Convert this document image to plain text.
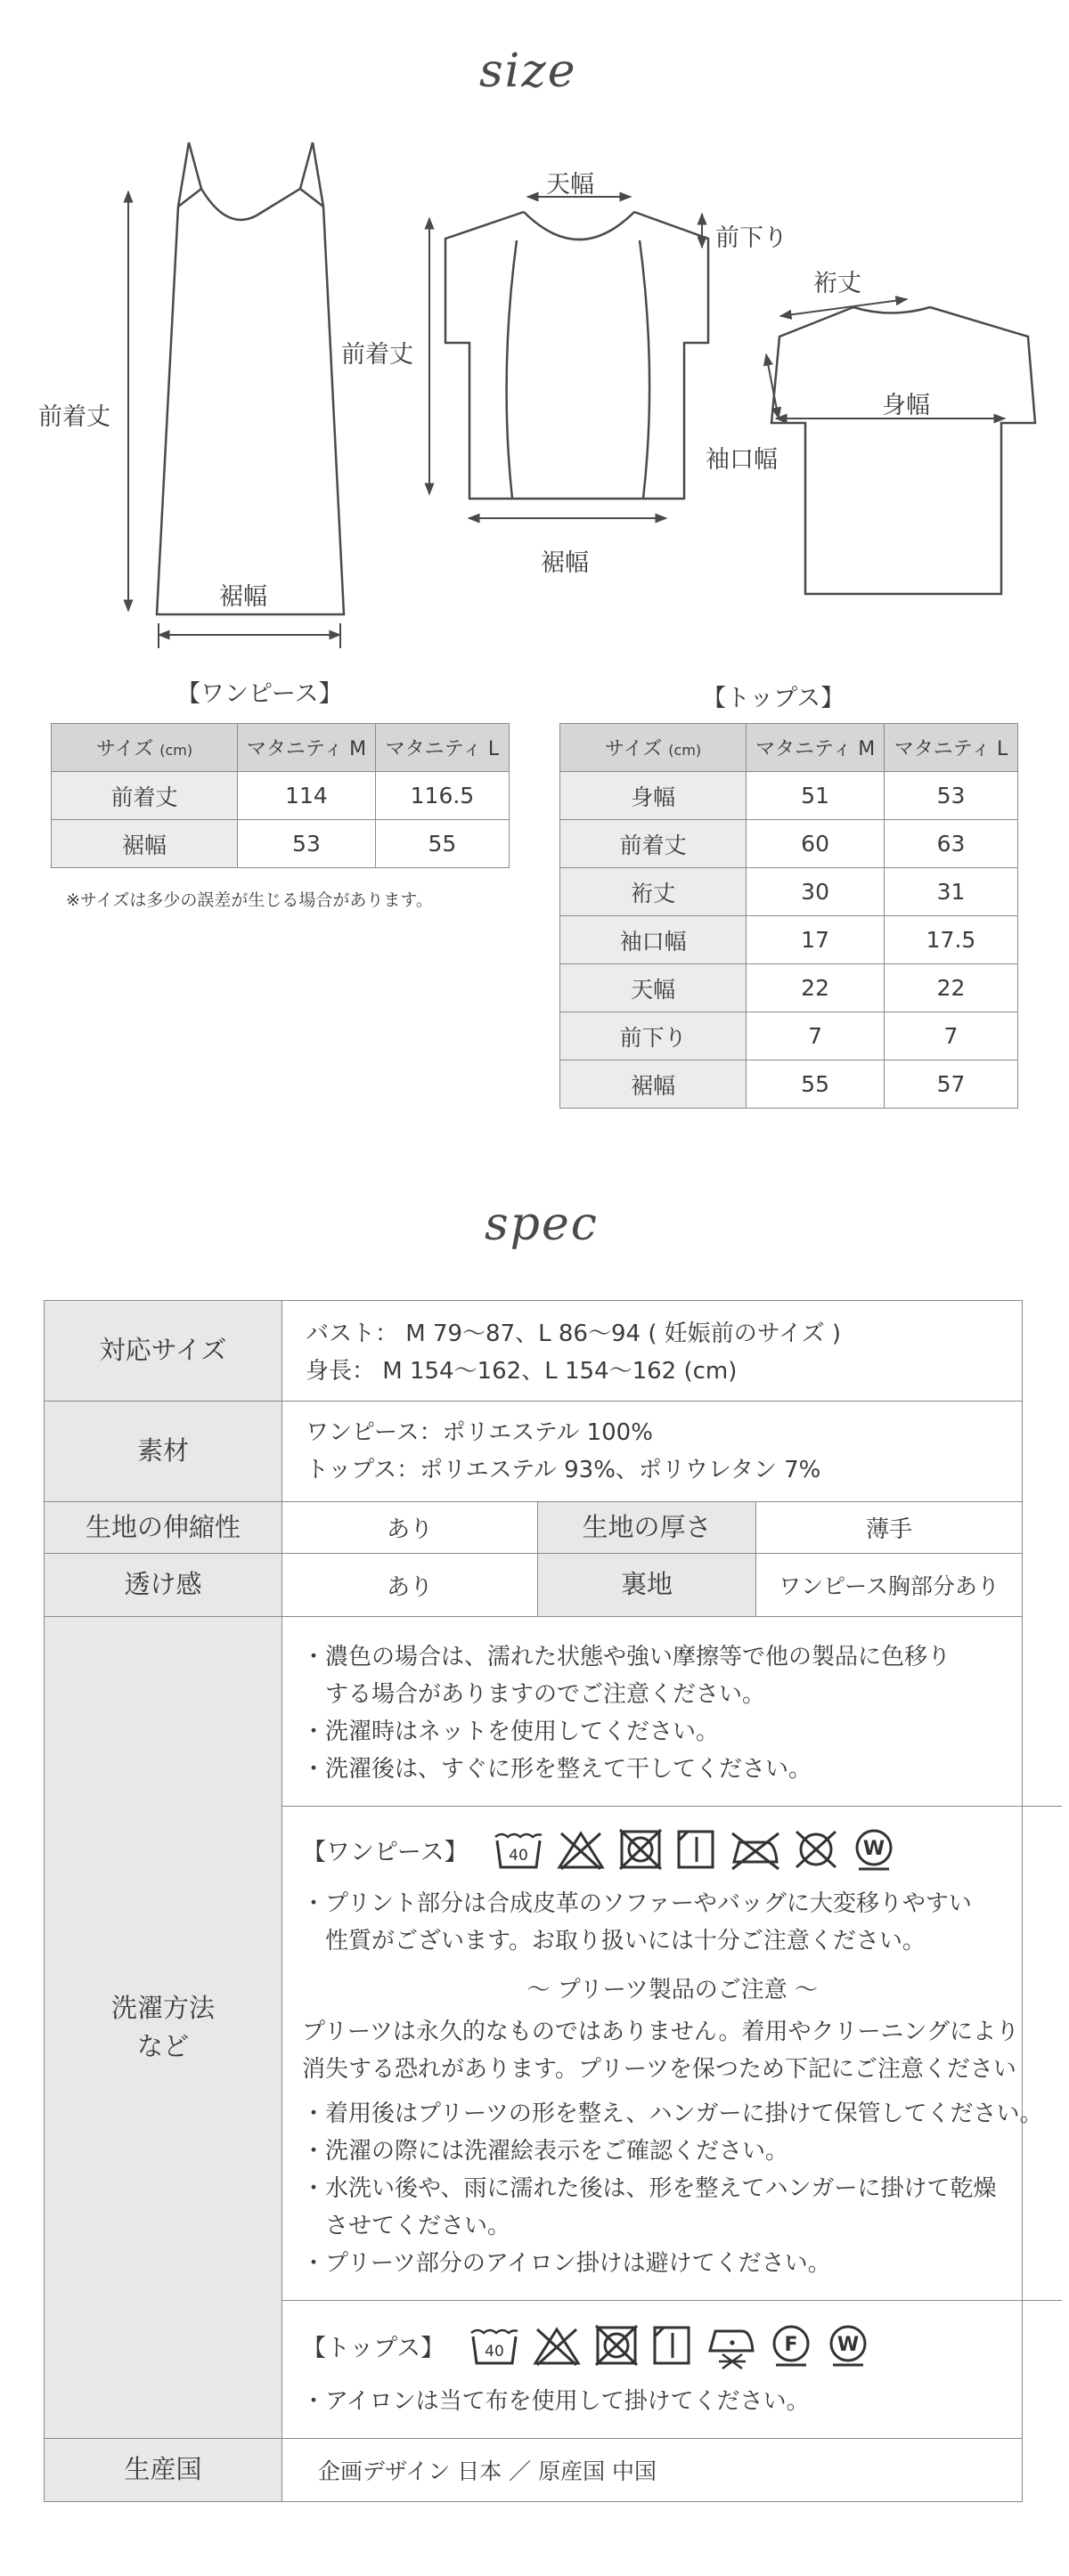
size
前着丈
裾幅
天幅
前下り
前着丈
裾幅
裄丈
身幅
袖口幅
【ワンピース】	【トップス】
サイズ (cm)	マタニティ M	マタニティ L
前着丈	114	116.5
裾幅	53	55
※サイズは多少の誤差が生じる場合があります。
サイズ (cm)	マタニティ M	マタニティ L
身幅	51	53
前着丈	60	63
裄丈	30	31
袖口幅	17	17.5
天幅	22	22
前下り	7	7
裾幅	55	57
spec
対応サイズ
バスト： M 79〜87、L 86〜94 ( 妊娠前のサイズ )
身長： M 154〜162、L 154〜162 (cm)
素材
ワンピース：ポリエステル 100%
トップス：ポリエステル 93%、ポリウレタン 7%
生地の伸縮性	あり	生地の厚さ	薄手
透け感	あり	裏地	ワンピース胸部分あり
洗濯方法
など
・濃色の場合は、濡れた状態や強い摩擦等で他の製品に色移り
　する場合がありますのでご注意ください。
・洗濯時はネットを使用してください。
・洗濯後は、すぐに形を整えて干してください。
【ワンピース】	40	W
・プリント部分は合成皮革のソファーやバッグに大変移りやすい
　性質がございます。お取り扱いには十分ご注意ください。
〜 プリーツ製品のご注意 〜
プリーツは永久的なものではありません。着用やクリーニングにより
消失する恐れがあります。プリーツを保つため下記にご注意ください
・着用後はプリーツの形を整え、ハンガーに掛けて保管してください。
・洗濯の際には洗濯絵表示をご確認ください。
・水洗い後や、雨に濡れた後は、形を整えてハンガーに掛けて乾燥
　させてください。
・プリーツ部分のアイロン掛けは避けてください。
【トップス】	40	F W
・アイロンは当て布を使用して掛けてください。
生産国	企画デザイン 日本 ／ 原産国 中国
